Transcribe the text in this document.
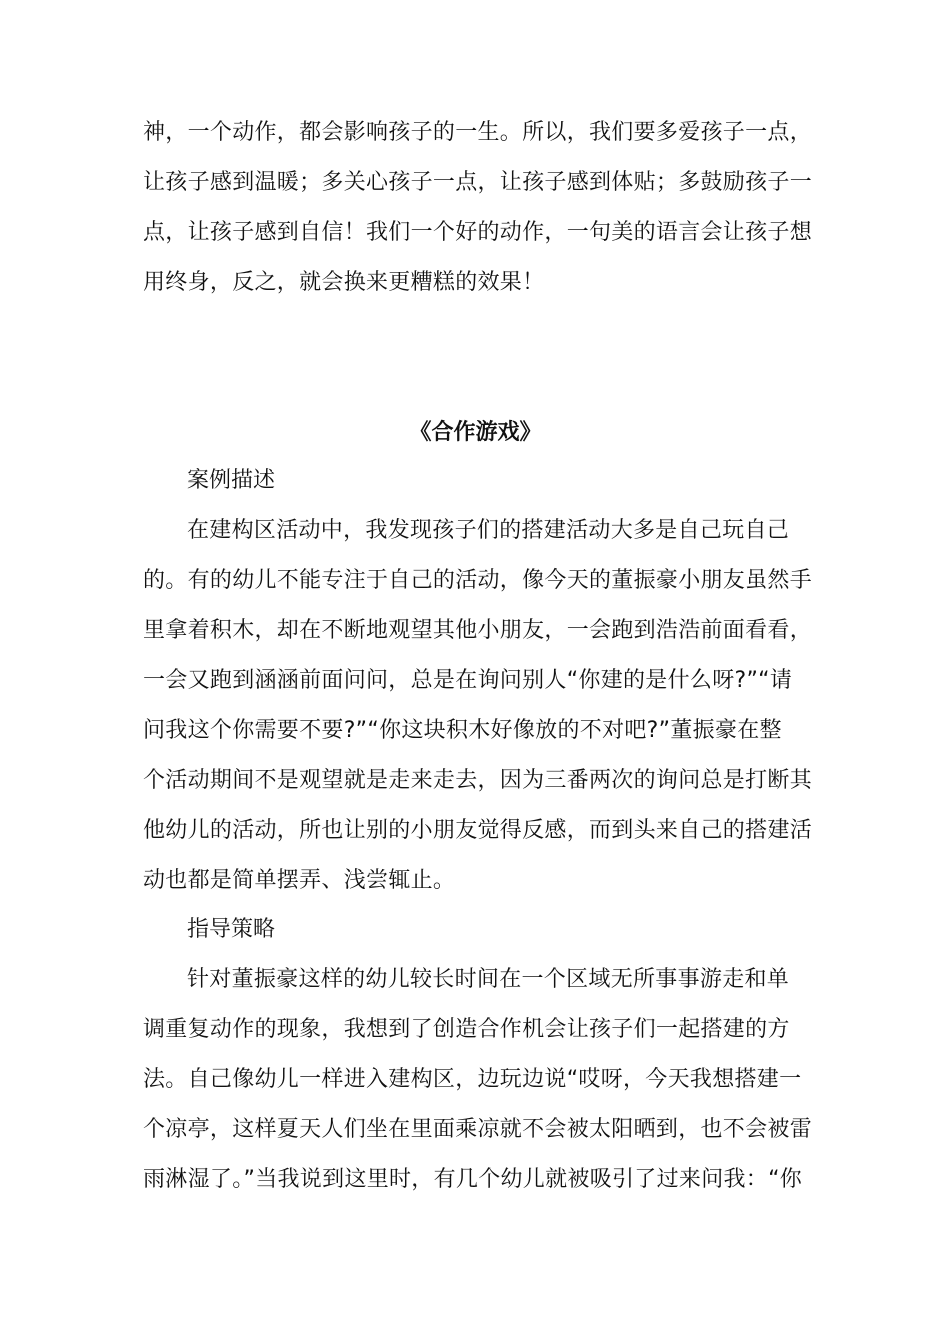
神，一个动作，都会影响孩子的一生。所以，我们要多爱孩子一点，
让孩子感到温暖；多关心孩子一点，让孩子感到体贴；多鼓励孩子一
点，让孩子感到自信！我们一个好的动作，一句美的语言会让孩子想
用终身，反之，就会换来更糟糕的效果！
《合作游戏》

案例描述

在建构区活动中，我发现孩子们的搭建活动大多是自己玩自己
的。有的幼儿不能专注于自己的活动，像今天的董振豪小朋友虽然手
里拿着积木，却在不断地观望其他小朋友，一会跑到浩浩前面看看，
一会又跑到涵涵前面问问，总是在询问别人“你建的是什么呀?”“请
问我这个你需要不要?”“你这块积木好像放的不对吧?”董振豪在整
个活动期间不是观望就是走来走去，因为三番两次的询问总是打断其
他幼儿的活动，所也让别的小朋友觉得反感，而到头来自己的搭建活
动也都是简单摆弄、浅尝辄止。

指导策略

针对董振豪这样的幼儿较长时间在一个区域无所事事游走和单
调重复动作的现象，我想到了创造合作机会让孩子们一起搭建的方
法。自己像幼儿一样进入建构区，边玩边说“哎呀，今天我想搭建一
个凉亭，这样夏天人们坐在里面乘凉就不会被太阳晒到，也不会被雷
雨淋湿了。”当我说到这里时，有几个幼儿就被吸引了过来问我：“你
